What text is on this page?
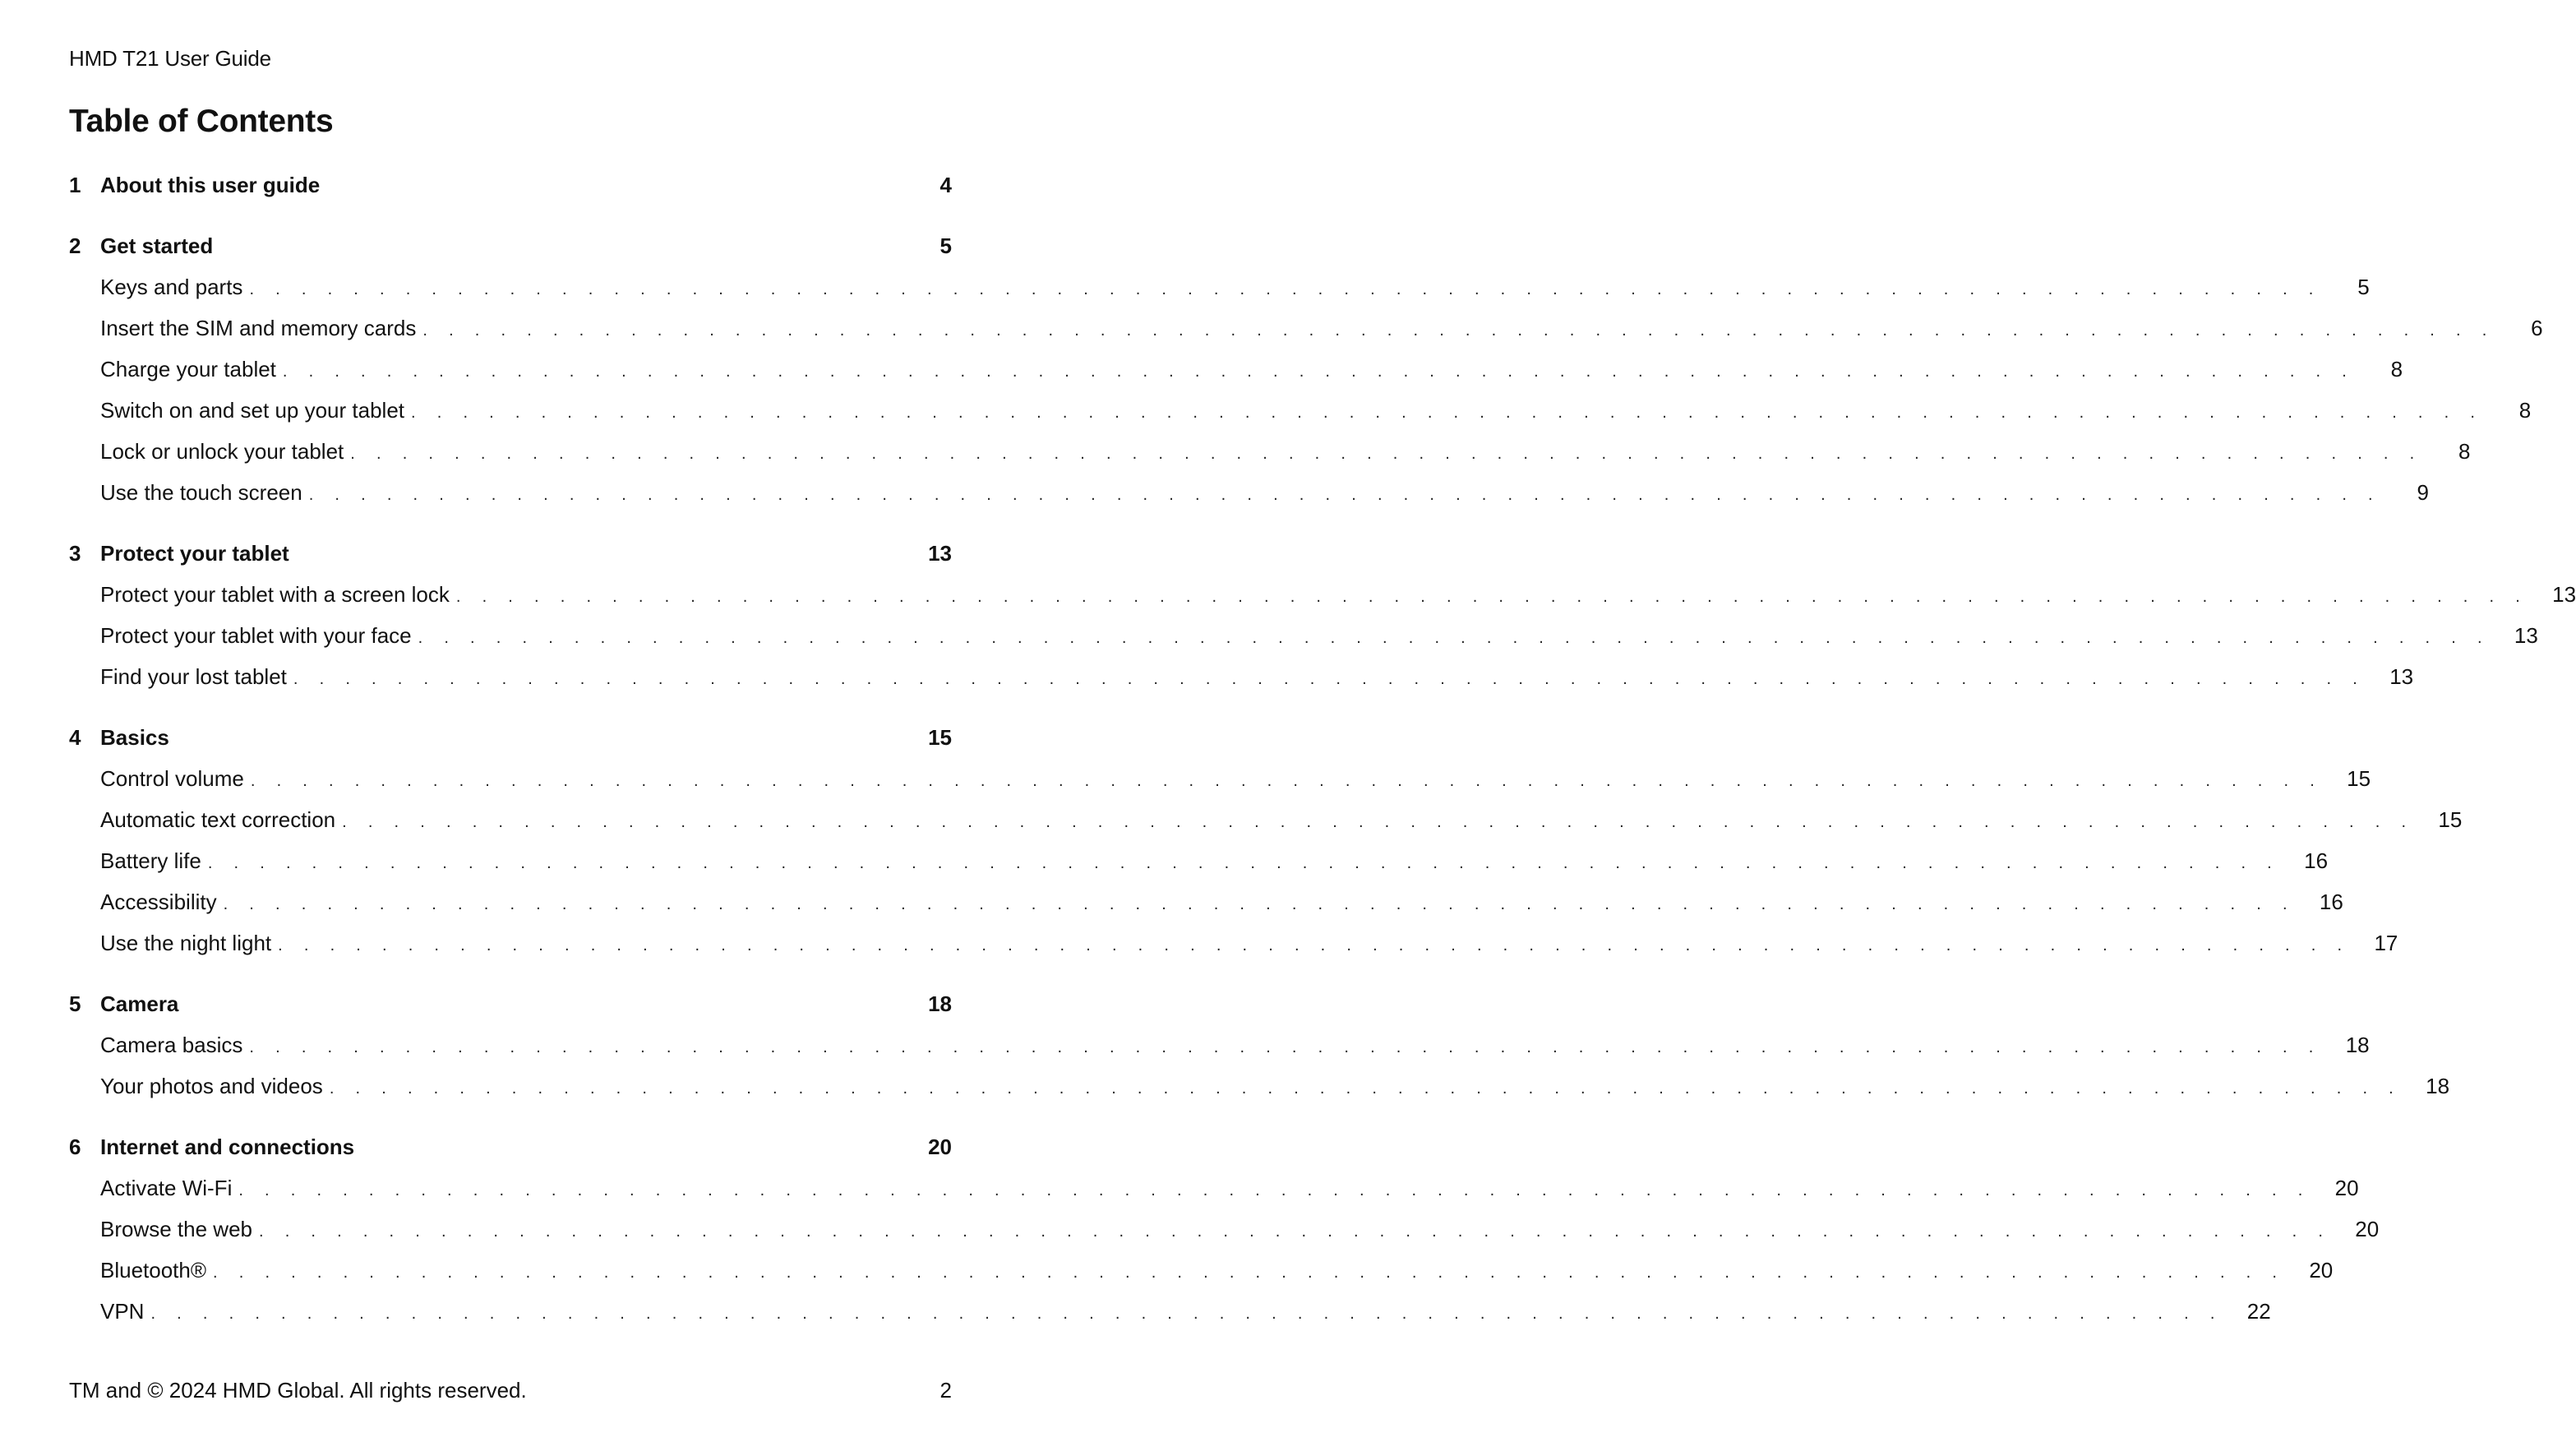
HMD T21 User Guide
Table of Contents
1 About this user guide	4
2 Get started	5
Keys and parts . . . . . . . . . . . . . . . . . . . . . . . . . . . . . . . . . . . . . . . . . . . . . . . . . . . . . . . . . . . . . . . . . . . . . . . . . . . . . . . .	5
Insert the SIM and memory cards . . . . . . . . . . . . . . . . . . . . . . . . . . . . . . . . . . . . . . . . . . . . . . . . . . . . . . . . . . . . . . . . . . . . . . . . . . . . . . . .	6
Charge your tablet . . . . . . . . . . . . . . . . . . . . . . . . . . . . . . . . . . . . . . . . . . . . . . . . . . . . . . . . . . . . . . . . . . . . . . . . . . . . . . . .	8
Switch on and set up your tablet . . . . . . . . . . . . . . . . . . . . . . . . . . . . . . . . . . . . . . . . . . . . . . . . . . . . . . . . . . . . . . . . . . . . . . . . . . . . . . . .	8
Lock or unlock your tablet . . . . . . . . . . . . . . . . . . . . . . . . . . . . . . . . . . . . . . . . . . . . . . . . . . . . . . . . . . . . . . . . . . . . . . . . . . . . . . . .	8
Use the touch screen . . . . . . . . . . . . . . . . . . . . . . . . . . . . . . . . . . . . . . . . . . . . . . . . . . . . . . . . . . . . . . . . . . . . . . . . . . . . . . . .	9
3 Protect your tablet	13
Protect your tablet with a screen lock . . . . . . . . . . . . . . . . . . . . . . . . . . . . . . . . . . . . . . . . . . . . . . . . . . . . . . . . . . . . . . . . . . . . . . . . . . . . . . . .	13
Protect your tablet with your face . . . . . . . . . . . . . . . . . . . . . . . . . . . . . . . . . . . . . . . . . . . . . . . . . . . . . . . . . . . . . . . . . . . . . . . . . . . . . . . .	13
Find your lost tablet . . . . . . . . . . . . . . . . . . . . . . . . . . . . . . . . . . . . . . . . . . . . . . . . . . . . . . . . . . . . . . . . . . . . . . . . . . . . . . . .	13
4 Basics	15
Control volume . . . . . . . . . . . . . . . . . . . . . . . . . . . . . . . . . . . . . . . . . . . . . . . . . . . . . . . . . . . . . . . . . . . . . . . . . . . . . . . .	15
Automatic text correction . . . . . . . . . . . . . . . . . . . . . . . . . . . . . . . . . . . . . . . . . . . . . . . . . . . . . . . . . . . . . . . . . . . . . . . . . . . . . . . .	15
Battery life . . . . . . . . . . . . . . . . . . . . . . . . . . . . . . . . . . . . . . . . . . . . . . . . . . . . . . . . . . . . . . . . . . . . . . . . . . . . . . . .	16
Accessibility . . . . . . . . . . . . . . . . . . . . . . . . . . . . . . . . . . . . . . . . . . . . . . . . . . . . . . . . . . . . . . . . . . . . . . . . . . . . . . . .	16
Use the night light . . . . . . . . . . . . . . . . . . . . . . . . . . . . . . . . . . . . . . . . . . . . . . . . . . . . . . . . . . . . . . . . . . . . . . . . . . . . . . . .	17
5 Camera	18
Camera basics . . . . . . . . . . . . . . . . . . . . . . . . . . . . . . . . . . . . . . . . . . . . . . . . . . . . . . . . . . . . . . . . . . . . . . . . . . . . . . . .	18
Your photos and videos . . . . . . . . . . . . . . . . . . . . . . . . . . . . . . . . . . . . . . . . . . . . . . . . . . . . . . . . . . . . . . . . . . . . . . . . . . . . . . . .	18
6 Internet and connections	20
Activate Wi-Fi . . . . . . . . . . . . . . . . . . . . . . . . . . . . . . . . . . . . . . . . . . . . . . . . . . . . . . . . . . . . . . . . . . . . . . . . . . . . . . . .	20
Browse the web . . . . . . . . . . . . . . . . . . . . . . . . . . . . . . . . . . . . . . . . . . . . . . . . . . . . . . . . . . . . . . . . . . . . . . . . . . . . . . . .	20
Bluetooth® . . . . . . . . . . . . . . . . . . . . . . . . . . . . . . . . . . . . . . . . . . . . . . . . . . . . . . . . . . . . . . . . . . . . . . . . . . . . . . . .	20
VPN . . . . . . . . . . . . . . . . . . . . . . . . . . . . . . . . . . . . . . . . . . . . . . . . . . . . . . . . . . . . . . . . . . . . . . . . . . . . . . . .	22
TM and © 2024 HMD Global. All rights reserved.	2
